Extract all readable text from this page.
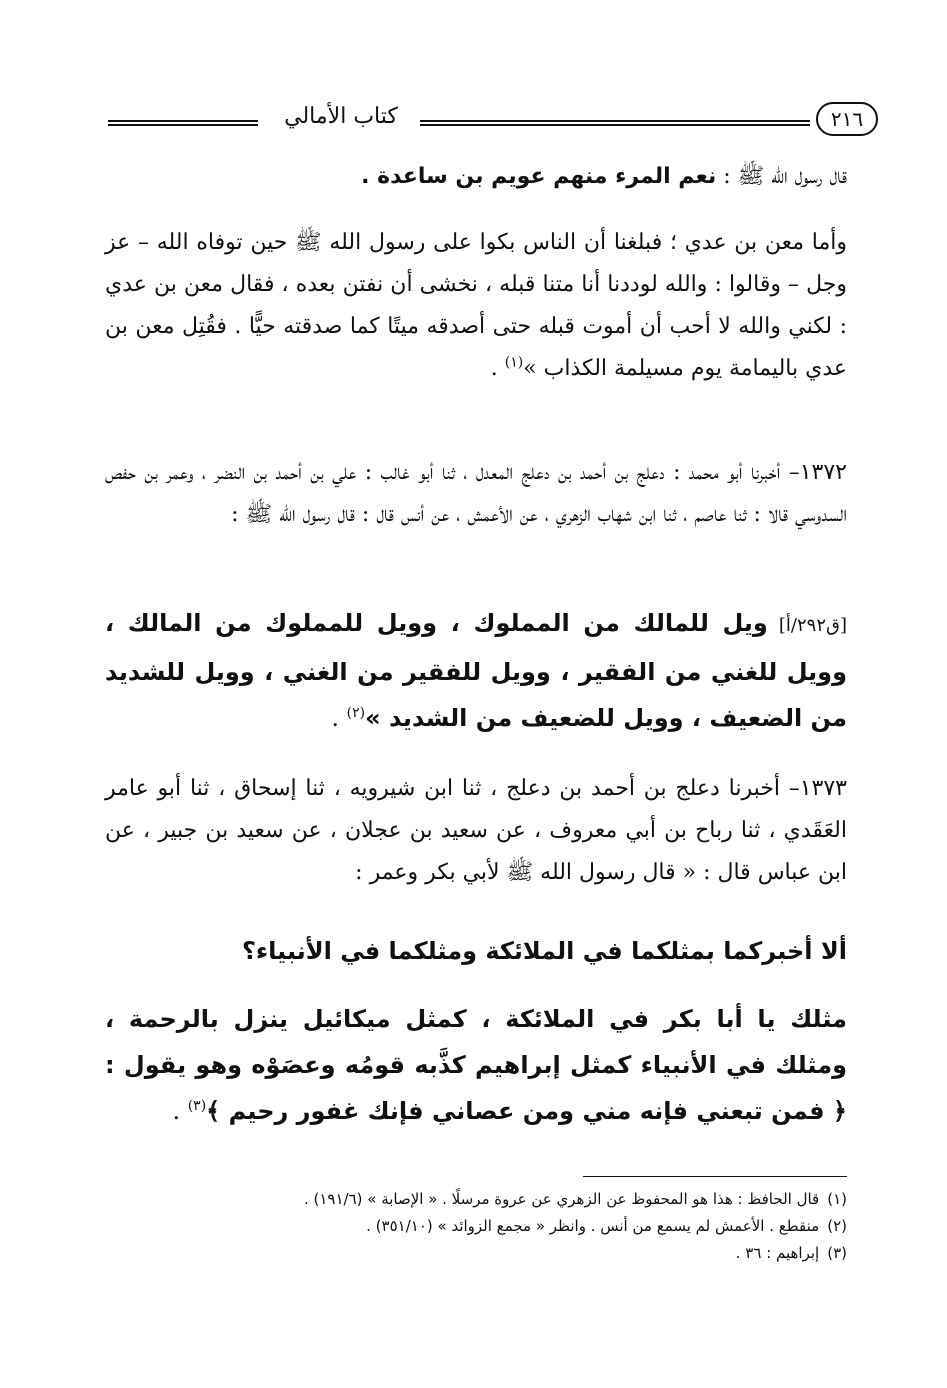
كتاب الأمالي	٢١٦

قال رسول الله ﷺ : نعم المرء منهم عويم بن ساعدة .

وأما معن بن عدي ؛ فبلغنا أن الناس بكوا على رسول الله ﷺ حين توفاه الله – عز وجل – وقالوا : والله لوددنا أنا متنا قبله ، نخشى أن نفتن بعده ، فقال معن بن عدي : لكني والله لا أحب أن أموت قبله حتى أصدقه ميتًا كما صدقته حيًّا . فقُتِل معن بن عدي باليمامة يوم مسيلمة الكذاب »$^{(١)}$ .

١٣٧٢– أخبرنا أبو محمد : دعلج بن أحمد بن دعلج المعدل ، ثنا أبو غالب : علي بن أحمد بن النضر ، وعمر بن حفص السدوسي قالا : ثنا عاصم ، ثنا ابن شهاب الزهري ، عن الأعمش ، عن أنس قال : قال رسول الله ﷺ :

[ق٢٩٢/أ] ويل للمالك من المملوك ، وويل للمملوك من المالك ، وويل للغني من الفقير ، وويل للفقير من الغني ، وويل للشديد من الضعيف ، وويل للضعيف من الشديد »$^{(٢)}$ .

١٣٧٣– أخبرنا دعلج بن أحمد بن دعلج ، ثنا ابن شيرويه ، ثنا إسحاق ، ثنا أبو عامر العَقَدي ، ثنا رباح بن أبي معروف ، عن سعيد بن عجلان ، عن سعيد بن جبير ، عن ابن عباس قال : « قال رسول الله ﷺ لأبي بكر وعمر :

ألا أخبركما بمثلكما في الملائكة ومثلكما في الأنبياء؟

مثلك يا أبا بكر في الملائكة ، كمثل ميكائيل ينزل بالرحمة ، ومثلك في الأنبياء كمثل إبراهيم كذَّبه قومُه وعصَوْه وهو يقول : ﴿ فمن تبعني فإنه مني ومن عصاني فإنك غفور رحيم ﴾$^{(٣)}$ .

(١)قال الحافظ : هذا هو المحفوظ عن الزهري عن عروة مرسلًا . « الإصابة » (١٩١/٦) .

(٢)منقطع . الأعمش لم يسمع من أنس . وانظر « مجمع الزوائد » (٣٥١/١٠) .

(٣)إبراهيم : ٣٦ .
